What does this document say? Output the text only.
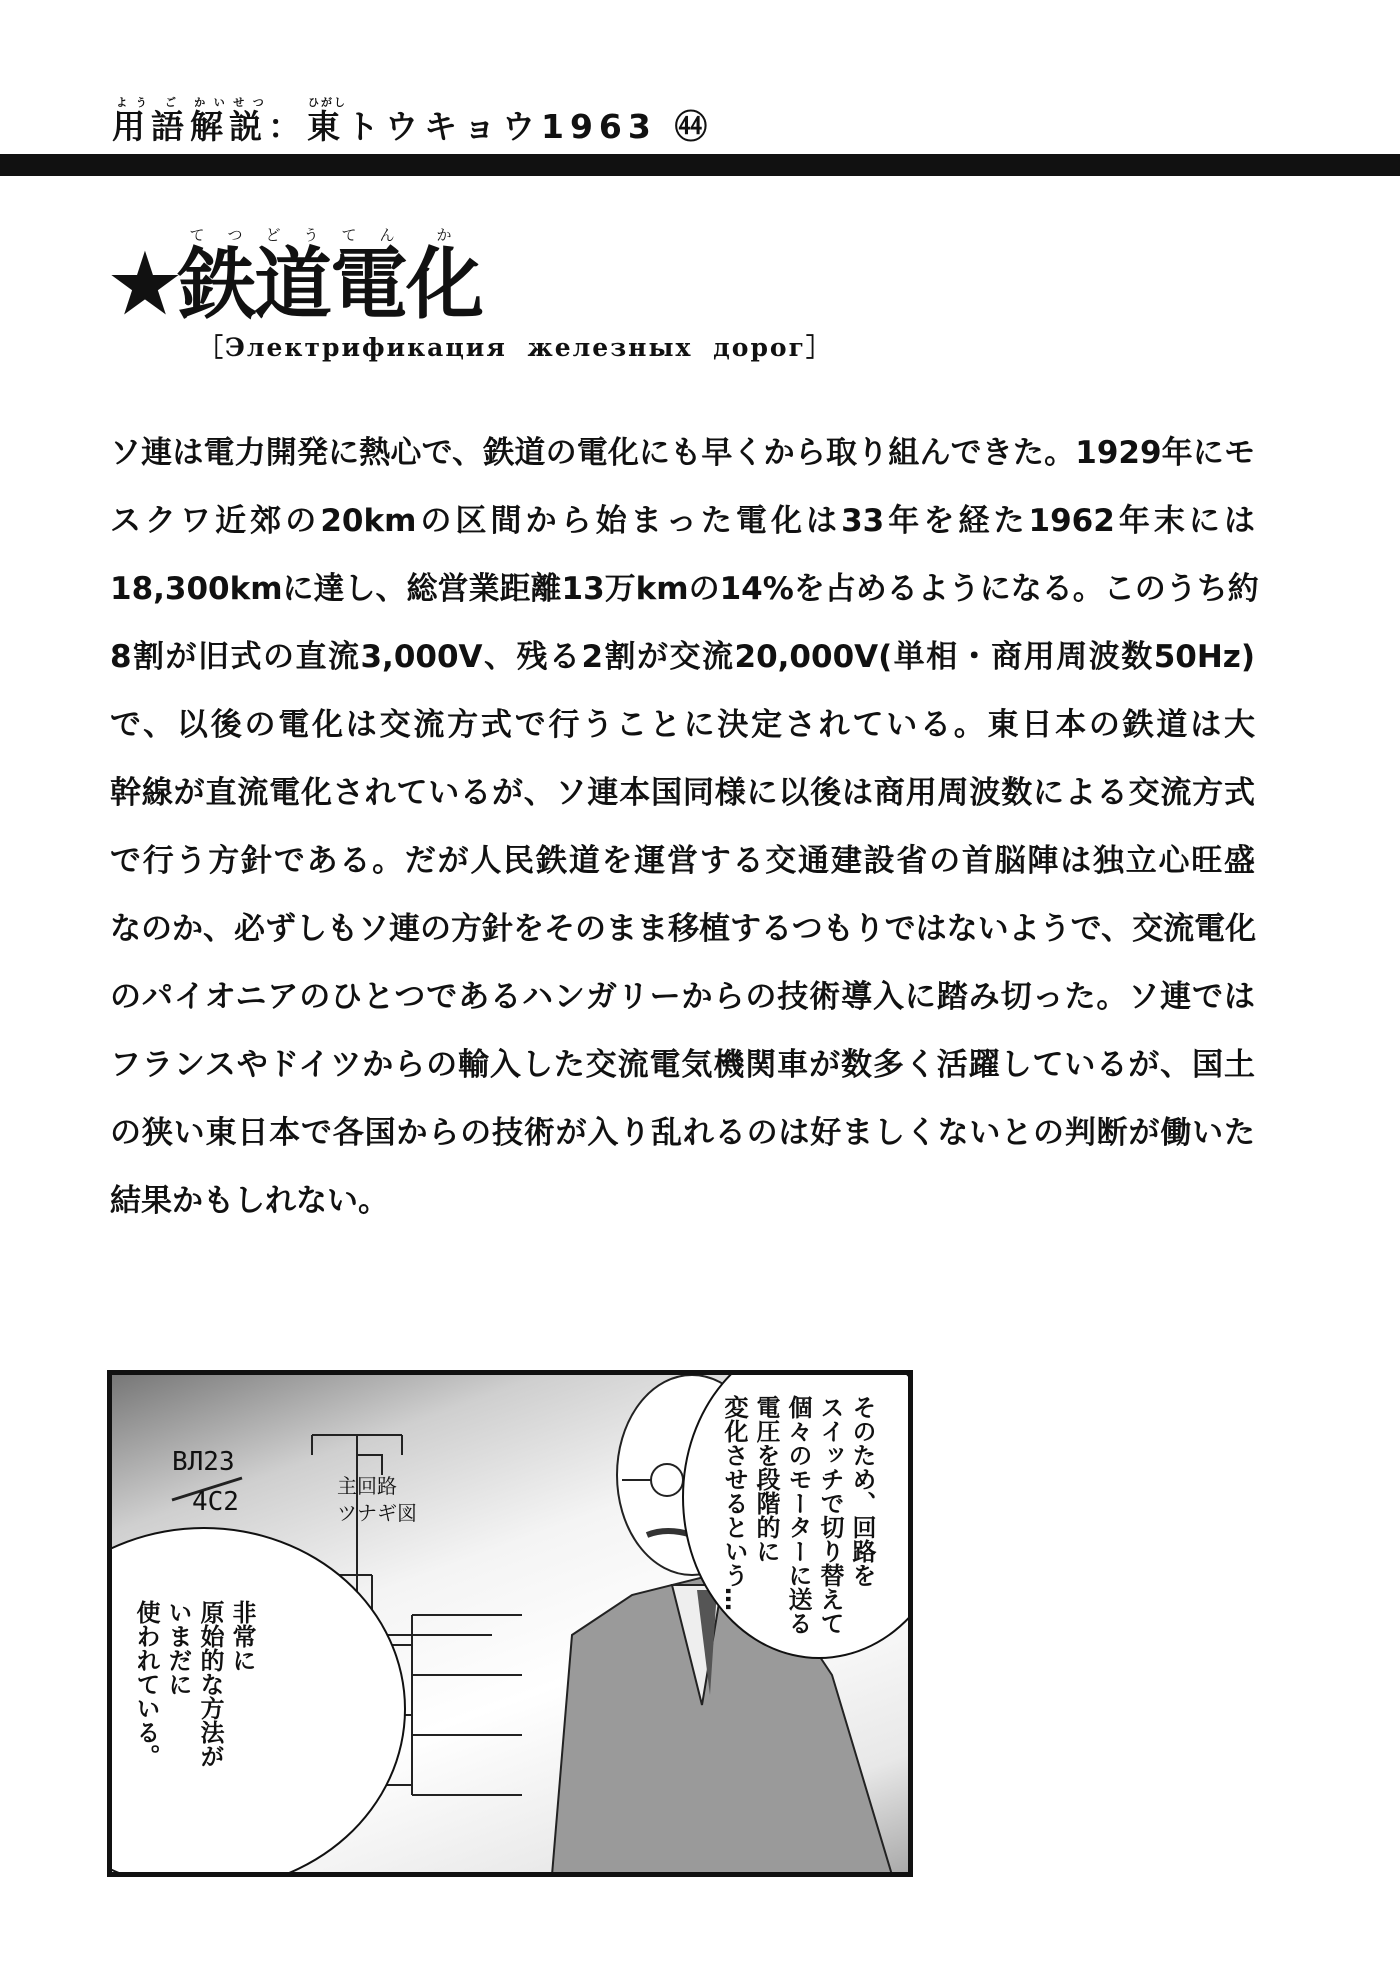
用よう語ご解かい説せつ：東ひがしトウキョウ1963 ㊹
★鉄てつ道どう電てん化か
［Электрификация железных дорог］
ソ連は電力開発に熱心で、鉄道の電化にも早くから取り組んできた。1929年にモ
スクワ近郊の20kmの区間から始まった電化は33年を経た1962年末には
18,300kmに達し、総営業距離13万kmの14%を占めるようになる。このうち約
8割が旧式の直流3,000V、残る2割が交流20,000V(単相・商用周波数50Hz)
で、以後の電化は交流方式で行うことに決定されている。東日本の鉄道は大
幹線が直流電化されているが、ソ連本国同様に以後は商用周波数による交流方式
で行う方針である。だが人民鉄道を運営する交通建設省の首脳陣は独立心旺盛
なのか、必ずしもソ連の方針をそのまま移植するつもりではないようで、交流電化
のパイオニアのひとつであるハンガリーからの技術導入に踏み切った。ソ連では
フランスやドイツからの輸入した交流電気機関車が数多く活躍しているが、国土
の狭い東日本で各国からの技術が入り乱れるのは好ましくないとの判断が働いた
結果かもしれない。
そのため、回路を
スイッチで切り替えて
個々のモーターに送る
電圧を段階的に
変化させるという…
非常に
原始的な方法が
いまだに
使われている。
ВЛ23
4С2
主回路
ツナギ図
